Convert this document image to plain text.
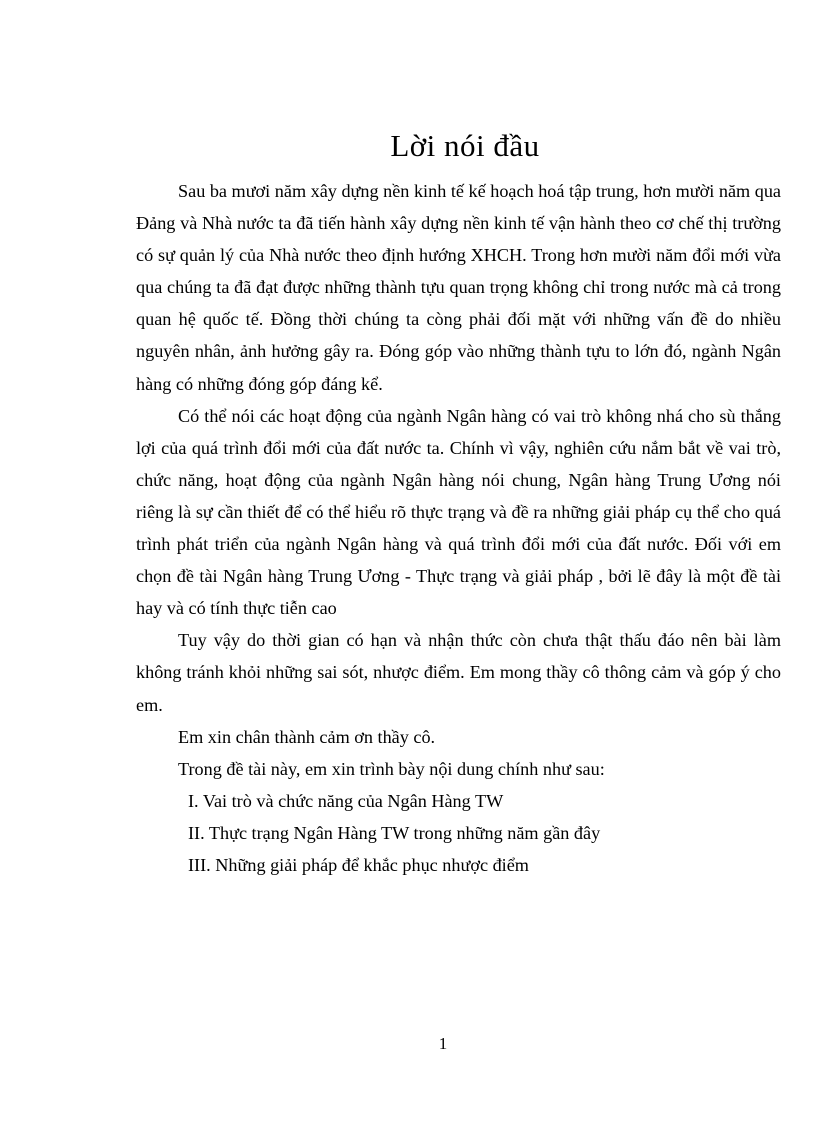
Lời nói đầu

Sau ba mươi năm xây dựng nền kinh tế kế hoạch hoá tập trung, hơn mười năm qua Đảng và Nhà nước ta đã tiến hành xây dựng nền kinh tế vận hành theo cơ chế thị trường có sự quản lý của Nhà nước theo định hướng XHCH. Trong hơn mười năm đổi mới vừa qua chúng ta đã đạt được những thành tựu quan trọng không chỉ trong nước mà cả trong quan hệ quốc tế. Đồng thời chúng ta còng phải đối mặt với những vấn đề do nhiều nguyên nhân, ảnh hưởng gây ra. Đóng góp vào những thành tựu to lớn đó, ngành Ngân hàng có những đóng góp đáng kể.

Có thể nói các hoạt động của ngành Ngân hàng có vai trò không nhá cho sù thắng lợi của quá trình đổi mới của đất nước ta. Chính vì vậy, nghiên cứu nắm bắt về vai trò, chức năng, hoạt động của ngành Ngân hàng nói chung, Ngân hàng Trung Ương nói riêng là sự cần thiết để có thể hiểu rõ thực trạng và đề ra những giải pháp cụ thể cho quá trình phát triển của ngành Ngân hàng và quá trình đổi mới của đất nước. Đối với em chọn đề tài Ngân hàng Trung Ương - Thực trạng và giải pháp , bởi lẽ đây là một đề tài hay và có tính thực tiễn cao

Tuy vậy do thời gian có hạn và nhận thức còn chưa thật thấu đáo nên bài làm không tránh khỏi những sai sót, nhược điểm. Em mong thầy cô thông cảm và góp ý cho em.

Em xin chân thành cảm ơn thầy cô.

Trong đề tài này, em xin trình bày nội dung chính như sau:

I. Vai trò và chức năng của Ngân Hàng TW

II. Thực trạng Ngân Hàng TW trong những năm gần đây

III. Những giải pháp để khắc phục nhược điểm

1
